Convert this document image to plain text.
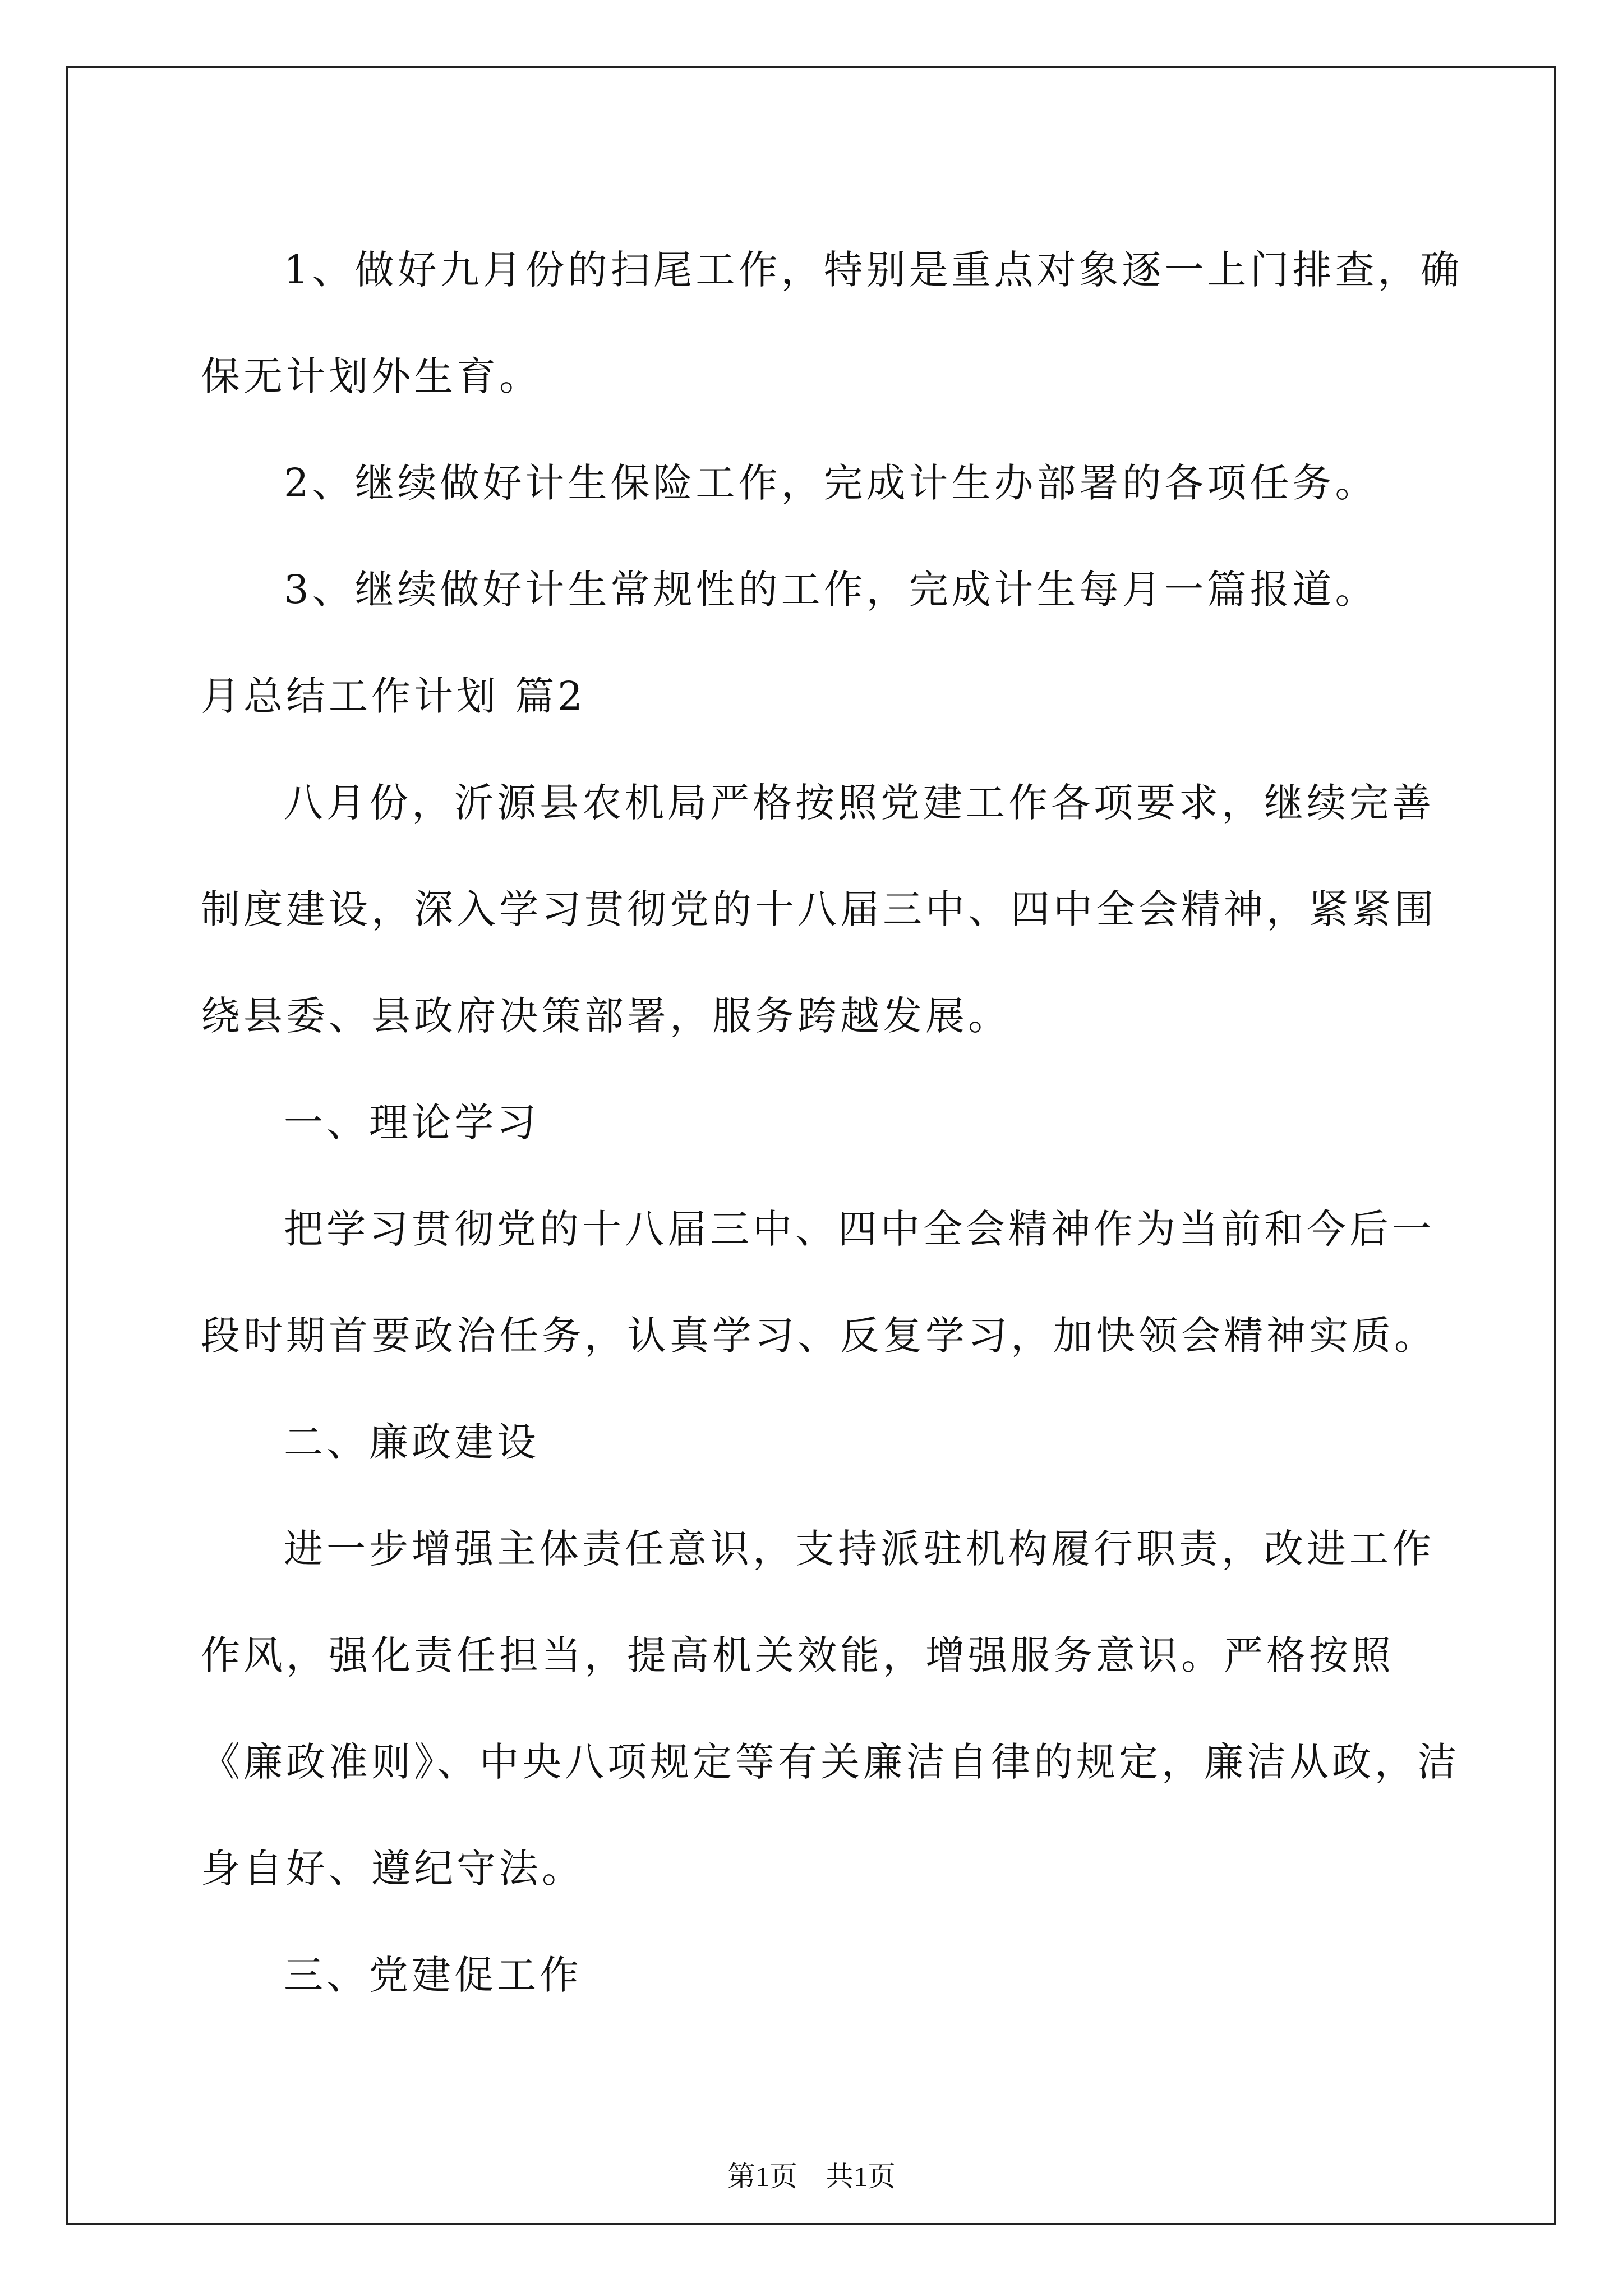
1、做好九月份的扫尾工作，特别是重点对象逐一上门排查，确保无计划外生育。

2、继续做好计生保险工作，完成计生办部署的各项任务。

3、继续做好计生常规性的工作，完成计生每月一篇报道。

月总结工作计划 篇2

八月份，沂源县农机局严格按照党建工作各项要求，继续完善制度建设，深入学习贯彻党的十八届三中、四中全会精神，紧紧围绕县委、县政府决策部署，服务跨越发展。

一、理论学习

把学习贯彻党的十八届三中、四中全会精神作为当前和今后一段时期首要政治任务，认真学习、反复学习，加快领会精神实质。

二、廉政建设

进一步增强主体责任意识，支持派驻机构履行职责，改进工作作风，强化责任担当，提高机关效能，增强服务意识。严格按照《廉政准则》、中央八项规定等有关廉洁自律的规定，廉洁从政，洁身自好、遵纪守法。

三、党建促工作

第1页 共1页
